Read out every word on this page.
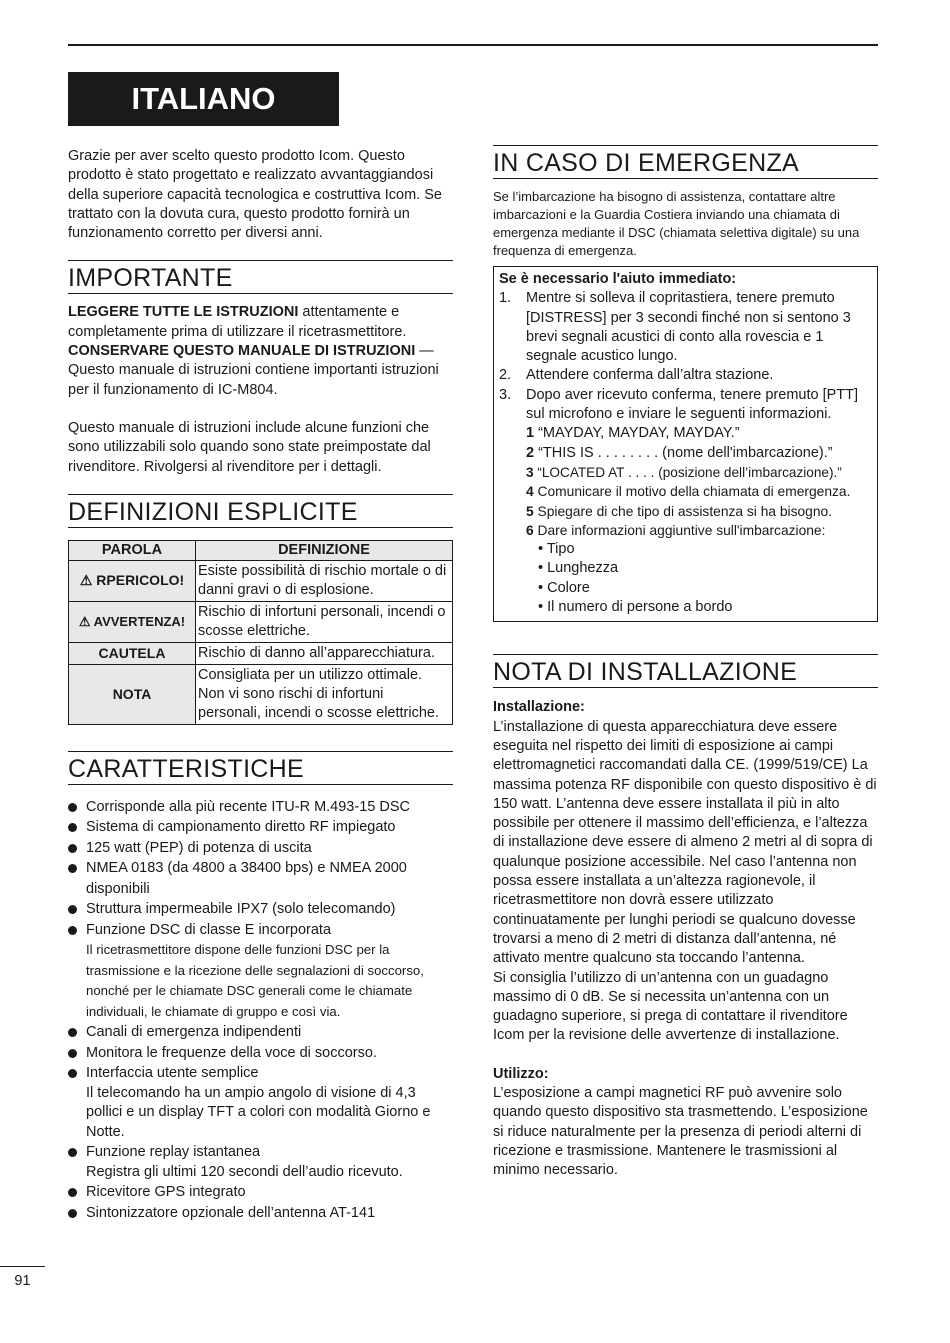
ITALIANO

Grazie per aver scelto questo prodotto Icom. Questo prodotto è stato progettato e realizzato avvantaggiandosi della superiore capacità tecnologica e costruttiva Icom. Se trattato con la dovuta cura, questo prodotto fornirà un funzionamento corretto per diversi anni.

IMPORTANTE

LEGGERE TUTTE LE ISTRUZIONI attentamente e completamente prima di utilizzare il ricetrasmettitore.

CONSERVARE QUESTO MANUALE DI ISTRUZIONI — Questo manuale di istruzioni contiene importanti istruzioni per il funzionamento di IC-M804.

Questo manuale di istruzioni include alcune funzioni che sono utilizzabili solo quando sono state preimpostate dal rivenditore. Rivolgersi al rivenditore per i dettagli.

DEFINIZIONI ESPLICITE
PAROLA	DEFINIZIONE
⚠ RPERICOLO!	Esiste possibilità di rischio mortale o di danni gravi o di esplosione.
⚠ AVVERTENZA!	Rischio di infortuni personali, incendi o scosse elettriche.
CAUTELA	Rischio di danno all’apparecchiatura.
NOTA	Consigliata per un utilizzo ottimale. Non vi sono rischi di infortuni personali, incendi o scosse elettriche.
CARATTERISTICHE
Corrisponde alla più recente ITU-R M.493-15 DSC
Sistema di campionamento diretto RF impiegato
125 watt (PEP) di potenza di uscita
NMEA 0183 (da 4800 a 38400 bps) e NMEA 2000 disponibili
Struttura impermeabile IPX7 (solo telecomando)
Funzione DSC di classe E incorporata
Il ricetrasmettitore dispone delle funzioni DSC per la trasmissione e la ricezione delle segnalazioni di soccorso, nonché per le chiamate DSC generali come le chiamate individuali, le chiamate di gruppo e così via.
Canali di emergenza indipendenti
Monitora le frequenze della voce di soccorso.
Interfaccia utente semplice
Il telecomando ha un ampio angolo di visione di 4,3 pollici e un display TFT a colori con modalità Giorno e Notte.
Funzione replay istantanea
Registra gli ultimi 120 secondi dell’audio ricevuto.
Ricevitore GPS integrato
Sintonizzatore opzionale dell’antenna AT-141
IN CASO DI EMERGENZA

Se l’imbarcazione ha bisogno di assistenza, contattare altre imbarcazioni e la Guardia Costiera inviando una chiamata di emergenza mediante il DSC (chiamata selettiva digitale) su una frequenza di emergenza.

Se è necessario l'aiuto immediato:
1. Mentre si solleva il copritastiera, tenere premuto [DISTRESS] per 3 secondi finché non si sentono 3 brevi segnali acustici di conto alla rovescia e 1 segnale acustico lungo.
2. Attendere conferma dall’altra stazione.
3. Dopo aver ricevuto conferma, tenere premuto [PTT] sul microfono e inviare le seguenti informazioni.
1 “MAYDAY, MAYDAY, MAYDAY.”
2 “THIS IS . . . . . . . . (nome dell'imbarcazione).”
3 “LOCATED AT . . . . (posizione dell’imbarcazione).”
4 Comunicare il motivo della chiamata di emergenza.
5 Spiegare di che tipo di assistenza si ha bisogno.
6 Dare informazioni aggiuntive sull'imbarcazione:
• Tipo
• Lunghezza
• Colore
• Il numero di persone a bordo
NOTA DI INSTALLAZIONE

Installazione:

L’installazione di questa apparecchiatura deve essere eseguita nel rispetto dei limiti di esposizione ai campi elettromagnetici raccomandati dalla CE. (1999/519/CE) La massima potenza RF disponibile con questo dispositivo è di 150 watt. L’antenna deve essere installata il più in alto possibile per ottenere il massimo dell’efficienza, e l’altezza di installazione deve essere di almeno 2 metri al di sopra di qualunque posizione accessibile. Nel caso l’antenna non possa essere installata a un’altezza ragionevole, il ricetrasmettitore non dovrà essere utilizzato continuatamente per lunghi periodi se qualcuno dovesse trovarsi a meno di 2 metri di distanza dall’antenna, né attivato mentre qualcuno sta toccando l’antenna.

Si consiglia l’utilizzo di un’antenna con un guadagno massimo di 0 dB. Se si necessita un’antenna con un guadagno superiore, si prega di contattare il rivenditore Icom per la revisione delle avvertenze di installazione.

Utilizzo:

L’esposizione a campi magnetici RF può avvenire solo quando questo dispositivo sta trasmettendo. L’esposizione si riduce naturalmente per la presenza di periodi alterni di ricezione e trasmissione. Mantenere le trasmissioni al minimo necessario.

91
